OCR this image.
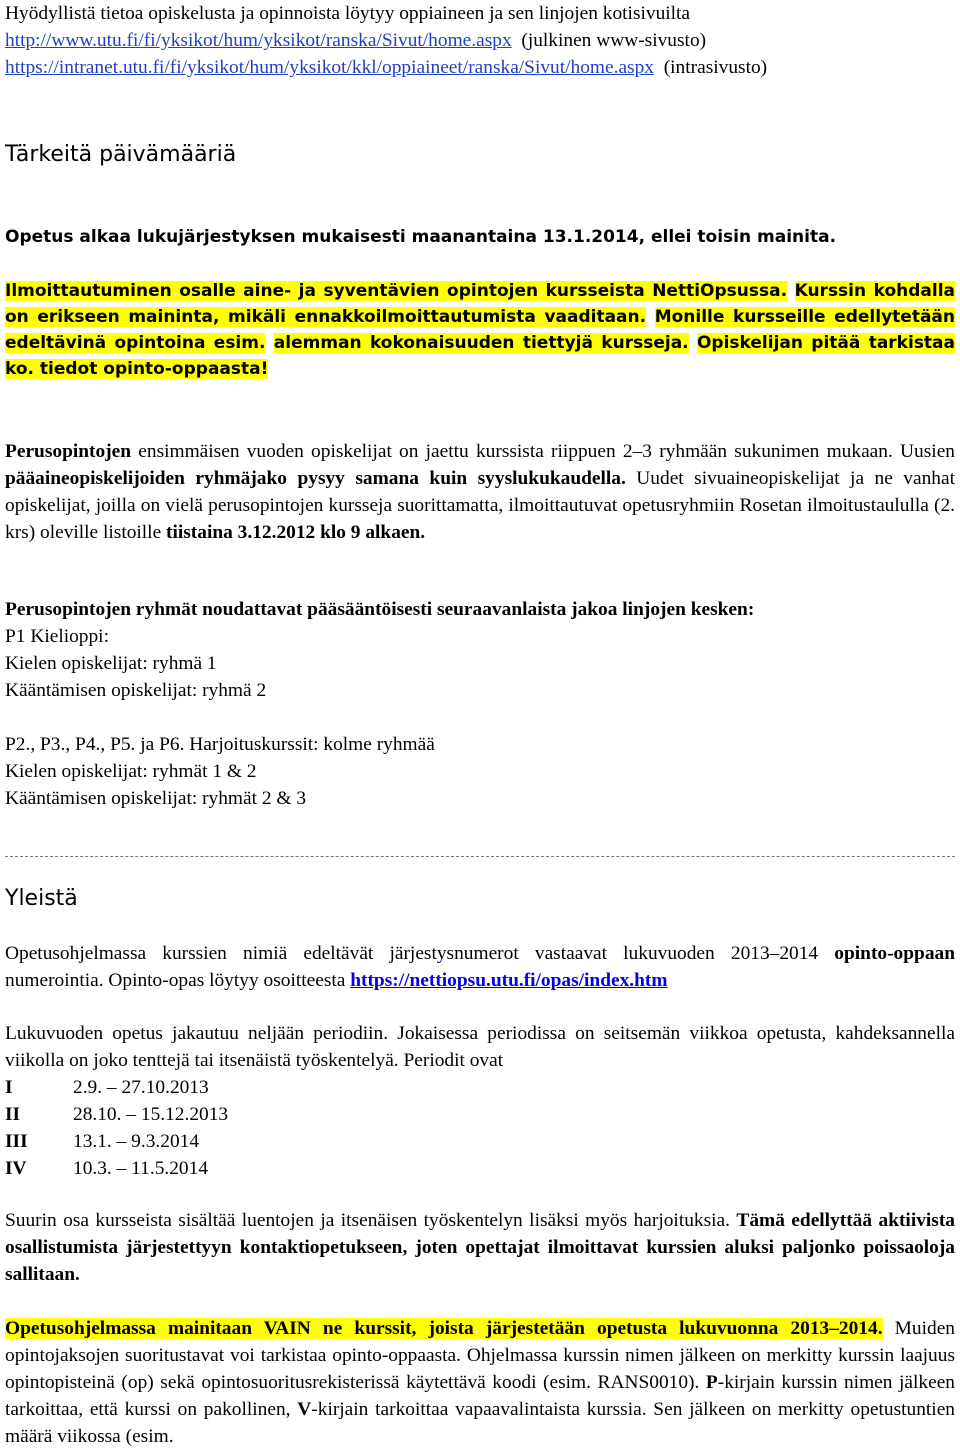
Hyödyllistä tietoa opiskelusta ja opinnoista löytyy oppiaineen ja sen linjojen kotisivuilta
http://www.utu.fi/fi/yksikot/hum/yksikot/ranska/Sivut/home.aspx (julkinen www-sivusto)
https://intranet.utu.fi/fi/yksikot/hum/yksikot/kkl/oppiaineet/ranska/Sivut/home.aspx (intrasivusto)

Tärkeitä päivämääriä
Opetus alkaa lukujärjestyksen mukaisesti maanantaina 13.1.2014, ellei toisin mainita.

Ilmoittautuminen osalle aine- ja syventävien opintojen kursseista NettiOpsussa. Kurssin kohdalla on erikseen maininta, mikäli ennakkoilmoittautumista vaaditaan. Monille kursseille edellytetään edeltävinä opintoina esim. alemman kokonaisuuden tiettyjä kursseja. Opiskelijan pitää tarkistaa ko. tiedot opinto-oppaasta!

Perusopintojen ensimmäisen vuoden opiskelijat on jaettu kurssista riippuen 2–3 ryhmään sukunimen mukaan. Uusien pääaineopiskelijoiden ryhmäjako pysyy samana kuin syyslukukaudella. Uudet sivuaineopiskelijat ja ne vanhat opiskelijat, joilla on vielä perusopintojen kursseja suorittamatta, ilmoittautuvat opetusryhmiin Rosetan ilmoitustaululla (2. krs) oleville listoille tiistaina 3.12.2012 klo 9 alkaen.

Perusopintojen ryhmät noudattavat pääsääntöisesti seuraavanlaista jakoa linjojen kesken:
P1 Kielioppi:
Kielen opiskelijat: ryhmä 1
Kääntämisen opiskelijat: ryhmä 2
P2., P3., P4., P5. ja P6. Harjoituskurssit: kolme ryhmää
Kielen opiskelijat: ryhmät 1 & 2
Kääntämisen opiskelijat: ryhmät 2 & 3
Yleistä

Opetusohjelmassa kurssien nimiä edeltävät järjestysnumerot vastaavat lukuvuoden 2013–2014 opinto-oppaan numerointia. Opinto-opas löytyy osoitteesta https://nettiopsu.utu.fi/opas/index.htm

Lukuvuoden opetus jakautuu neljään periodiin. Jokaisessa periodissa on seitsemän viikkoa opetusta, kahdeksannella viikolla on joko tenttejä tai itsenäistä työskentelyä. Periodit ovat

I	2.9. – 27.10.2013
II	28.10. – 15.12.2013
III 13.1. – 9.3.2014
IV 10.3. – 11.5.2014

Suurin osa kursseista sisältää luentojen ja itsenäisen työskentelyn lisäksi myös harjoituksia. Tämä edellyttää aktiivista osallistumista järjestettyyn kontaktiopetukseen, joten opettajat ilmoittavat kurssien aluksi paljonko poissaoloja sallitaan.

Opetusohjelmassa mainitaan VAIN ne kurssit, joista järjestetään opetusta lukuvuonna 2013–2014. Muiden opintojaksojen suoritustavat voi tarkistaa opinto-oppaasta. Ohjelmassa kurssin nimen jälkeen on merkitty kurssin laajuus opintopisteinä (op) sekä opintosuoritusrekisterissä käytettävä koodi (esim. RANS0010). P-kirjain kurssin nimen jälkeen tarkoittaa, että kurssi on pakollinen, V-kirjain tarkoittaa vapaavalintaista kurssia. Sen jälkeen on merkitty opetustuntien määrä viikossa (esim.
